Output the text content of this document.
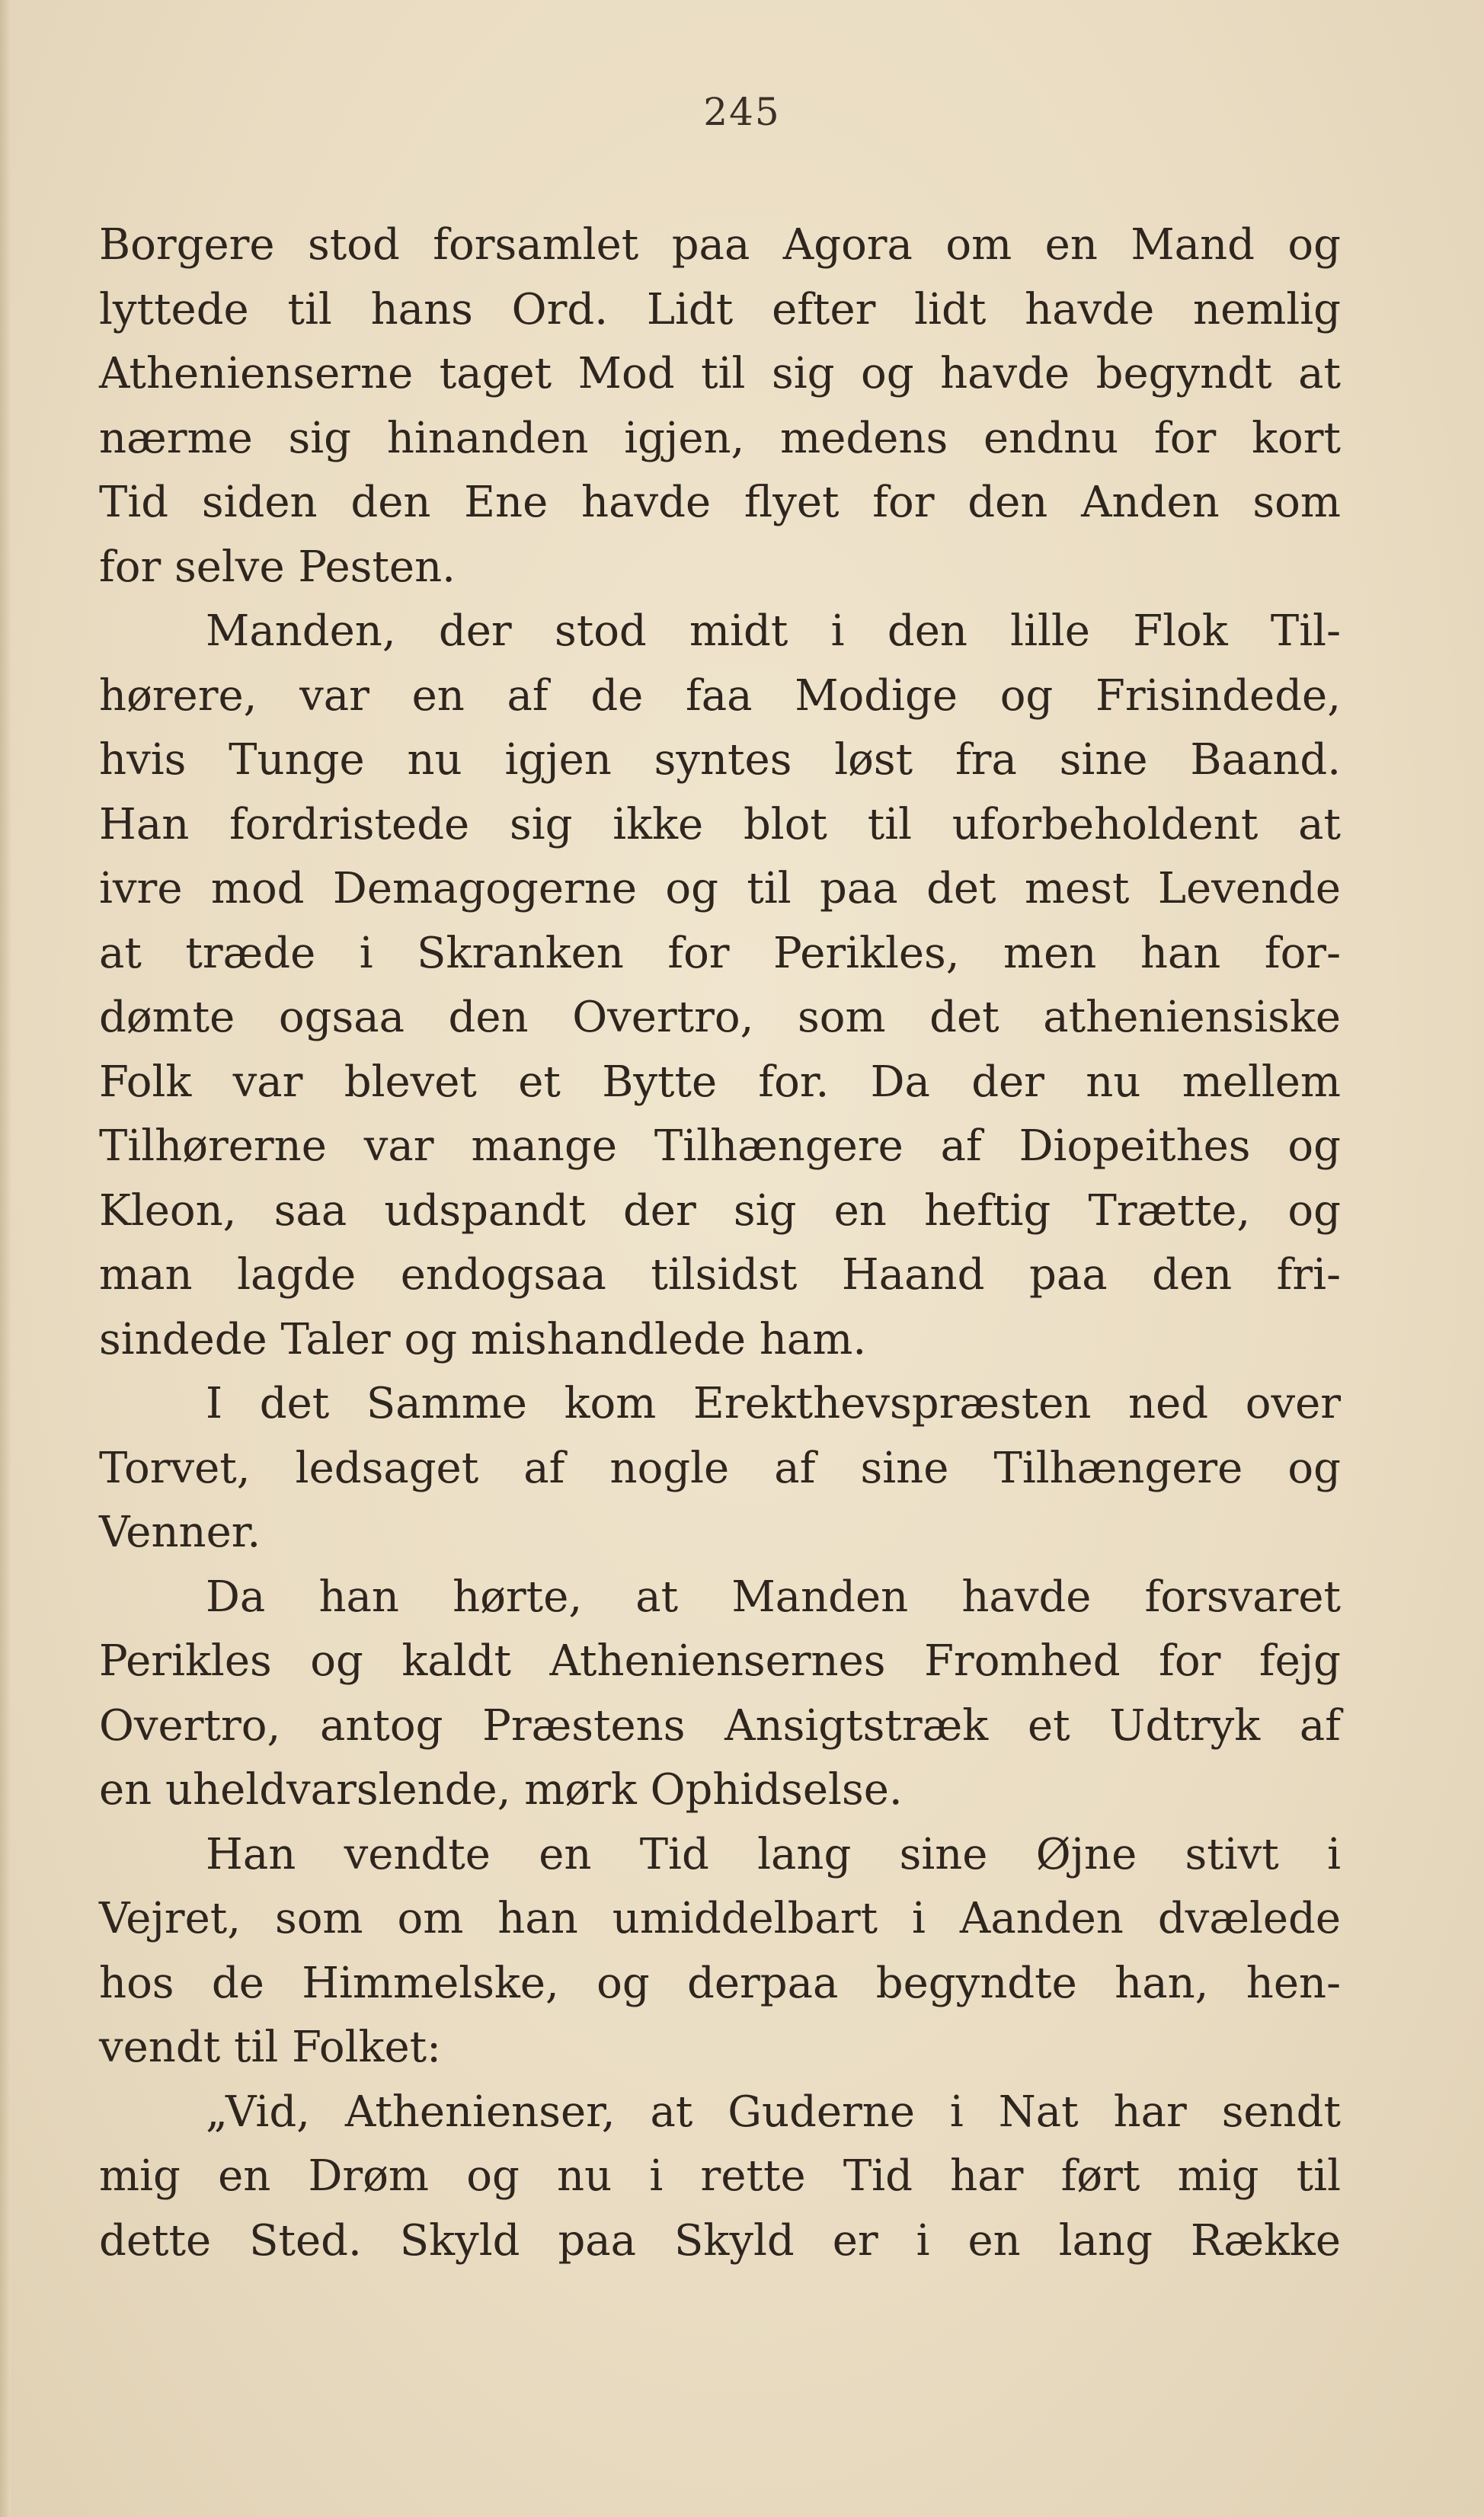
245
Borgere stod forsamlet paa Agora om en Mand og
lyttede til hans Ord. Lidt efter lidt havde nemlig
Athenienserne taget Mod til sig og havde begyndt at
nærme sig hinanden igjen, medens endnu for kort
Tid siden den Ene havde flyet for den Anden som
for selve Pesten.
Manden, der stod midt i den lille Flok Til-
hørere, var en af de faa Modige og Frisindede,
hvis Tunge nu igjen syntes løst fra sine Baand.
Han fordristede sig ikke blot til uforbeholdent at
ivre mod Demagogerne og til paa det mest Levende
at træde i Skranken for Perikles, men han for-
dømte ogsaa den Overtro, som det atheniensiske
Folk var blevet et Bytte for. Da der nu mellem
Tilhørerne var mange Tilhængere af Diopeithes og
Kleon, saa udspandt der sig en heftig Trætte, og
man lagde endogsaa tilsidst Haand paa den fri-
sindede Taler og mishandlede ham.
I det Samme kom Erekthevspræsten ned over
Torvet, ledsaget af nogle af sine Tilhængere og
Venner.
Da han hørte, at Manden havde forsvaret
Perikles og kaldt Atheniensernes Fromhed for fejg
Overtro, antog Præstens Ansigtstræk et Udtryk af
en uheldvarslende, mørk Ophidselse.
Han vendte en Tid lang sine Øjne stivt i
Vejret, som om han umiddelbart i Aanden dvælede
hos de Himmelske, og derpaa begyndte han, hen-
vendt til Folket:
„Vid, Athenienser, at Guderne i Nat har sendt
mig en Drøm og nu i rette Tid har ført mig til
dette Sted. Skyld paa Skyld er i en lang Række
